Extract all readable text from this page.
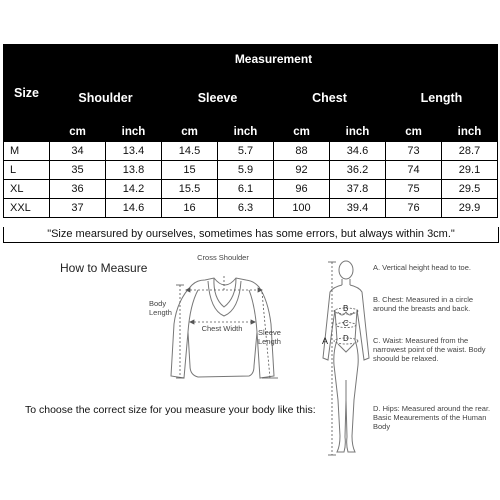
Size	Measurement							
	Shoulder		Sleeve		Chest		Length	
	cm	inch	cm	inch	cm	inch	cm	inch
M	34	13.4	14.5	5.7	88	34.6	73	28.7
L	35	13.8	15	5.9	92	36.2	74	29.1
XL	36	14.2	15.5	6.1	96	37.8	75	29.5
XXL	37	14.6	16	6.3	100	39.4	76	29.9
"Size mearsured by ourselves, sometimes has some errors, but always within 3cm."
How to Measure
Cross Shoulder
Body Length
Chest Width Sleeve Length	A
B
C
D
A. Vertical height head to toe.
B. Chest: Measured in a circle around the breasts and back.
C. Waist: Measured from the narrowest point of the waist. Body shoould be relaxed.
D. Hips: Measured around the rear. Basic Meaurements of the Human Body
To choose the correct size for you measure your body like this:
